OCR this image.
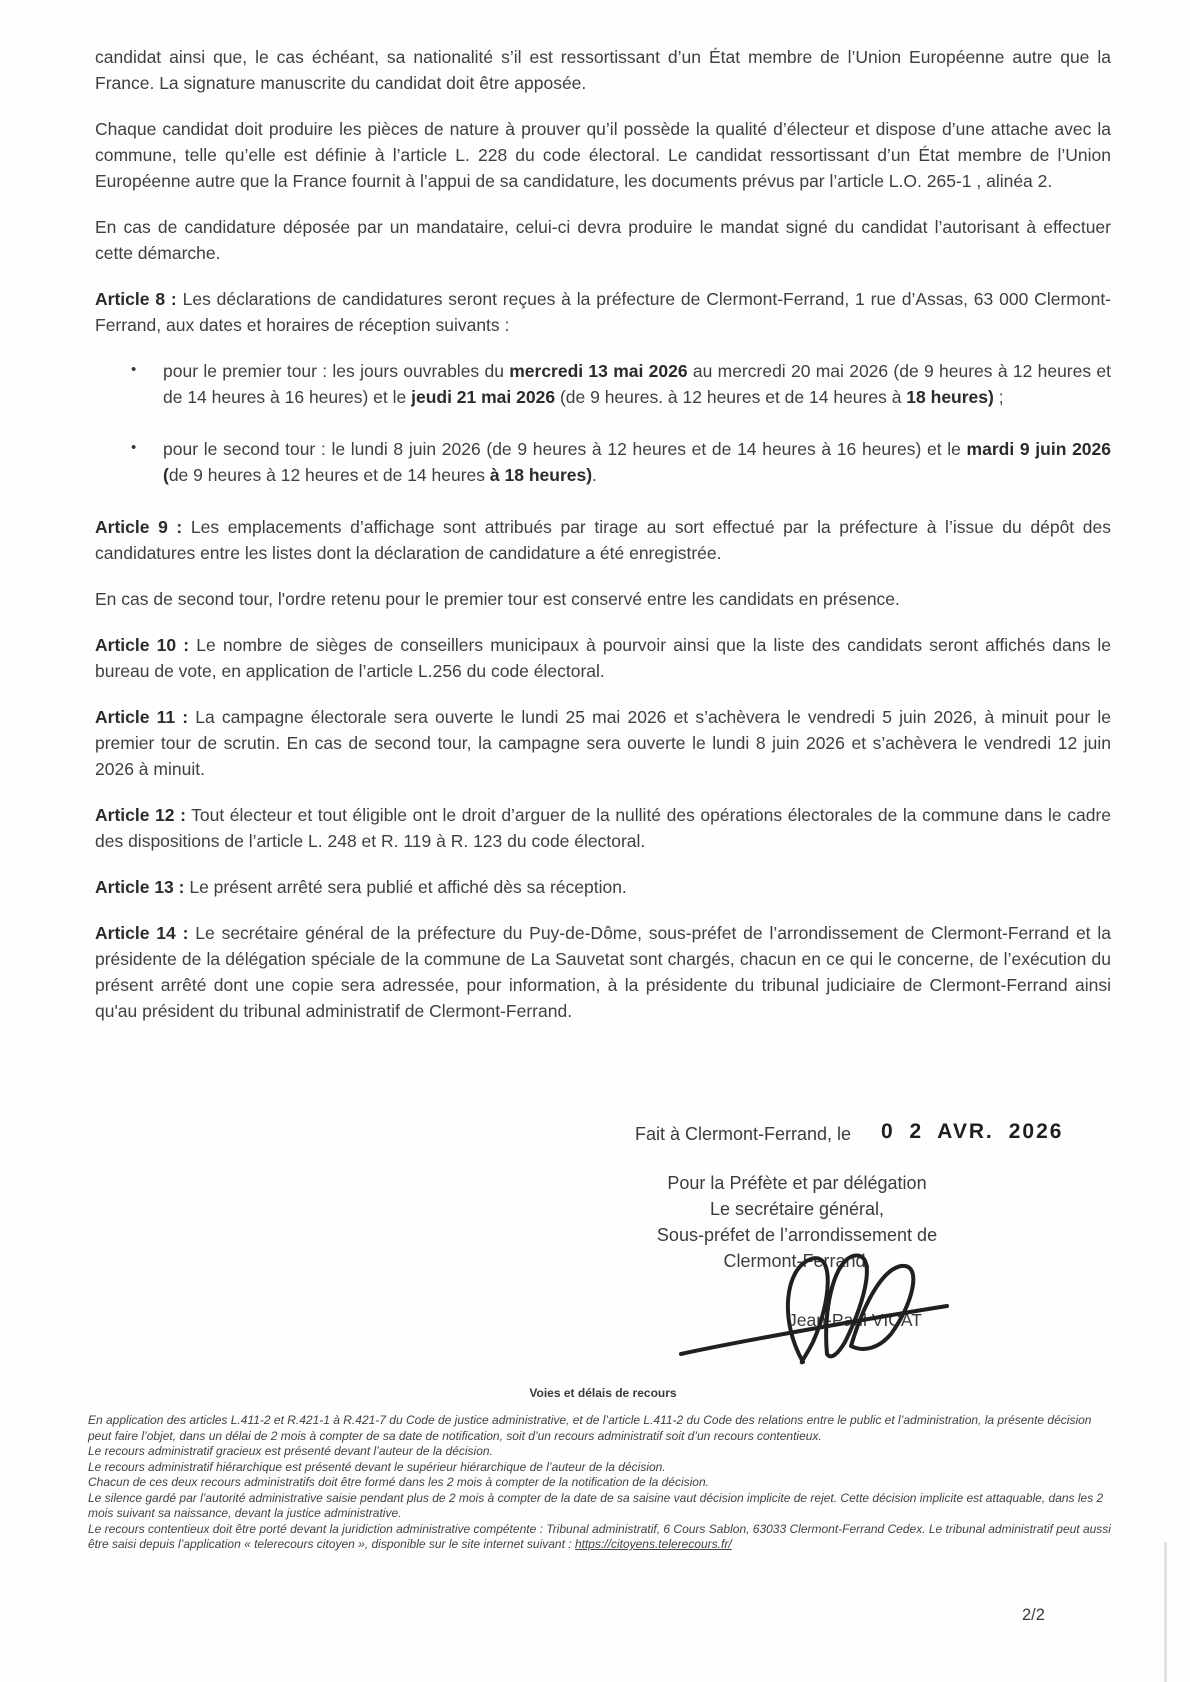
candidat ainsi que, le cas échéant, sa nationalité s’il est ressortissant d’un État membre de l’Union Européenne autre que la France. La signature manuscrite du candidat doit être apposée.

Chaque candidat doit produire les pièces de nature à prouver qu’il possède la qualité d’électeur et dispose d’une attache avec la commune, telle qu’elle est définie à l’article L. 228 du code électoral. Le candidat ressortissant d’un État membre de l’Union Européenne autre que la France fournit à l’appui de sa candidature, les documents prévus par l’article L.O. 265-1 , alinéa 2.

En cas de candidature déposée par un mandataire, celui-ci devra produire le mandat signé du candidat l’autorisant à effectuer cette démarche.

Article 8 : Les déclarations de candidatures seront reçues à la préfecture de Clermont-Ferrand, 1 rue d’Assas, 63 000 Clermont-Ferrand, aux dates et horaires de réception suivants :

• pour le premier tour : les jours ouvrables du mercredi 13 mai 2026 au mercredi 20 mai 2026 (de 9 heures à 12 heures et de 14 heures à 16 heures) et le jeudi 21 mai 2026 (de 9 heures. à 12 heures et de 14 heures à 18 heures) ;
• pour le second tour : le lundi 8 juin 2026 (de 9 heures à 12 heures et de 14 heures à 16 heures) et le mardi 9 juin 2026 (de 9 heures à 12 heures et de 14 heures à 18 heures).

Article 9 : Les emplacements d’affichage sont attribués par tirage au sort effectué par la préfecture à l’issue du dépôt des candidatures entre les listes dont la déclaration de candidature a été enregistrée.

En cas de second tour, l'ordre retenu pour le premier tour est conservé entre les candidats en présence.

Article 10 : Le nombre de sièges de conseillers municipaux à pourvoir ainsi que la liste des candidats seront affichés dans le bureau de vote, en application de l’article L.256 du code électoral.

Article 11 : La campagne électorale sera ouverte le lundi 25 mai 2026 et s’achèvera le vendredi 5 juin 2026, à minuit pour le premier tour de scrutin. En cas de second tour, la campagne sera ouverte le lundi 8 juin 2026 et s’achèvera le vendredi 12 juin 2026 à minuit.

Article 12 : Tout électeur et tout éligible ont le droit d’arguer de la nullité des opérations électorales de la commune dans le cadre des dispositions de l’article L. 248 et R. 119 à R. 123 du code électoral.

Article 13 : Le présent arrêté sera publié et affiché dès sa réception.

Article 14 : Le secrétaire général de la préfecture du Puy-de-Dôme, sous-préfet de l’arrondissement de Clermont-Ferrand et la présidente de la délégation spéciale de la commune de La Sauvetat sont chargés, chacun en ce qui le concerne, de l’exécution du présent arrêté dont une copie sera adressée, pour information, à la présidente du tribunal judiciaire de Clermont-Ferrand ainsi qu'au président du tribunal administratif de Clermont-Ferrand.

Fait à Clermont-Ferrand, le 0 2 AVR. 2026
Pour la Préfète et par délégation
Le secrétaire général,
Sous-préfet de l’arrondissement de
Clermont-Ferrand,
Jean-Paul VICAT
Voies et délais de recours

En application des articles L.411-2 et R.421-1 à R.421-7 du Code de justice administrative, et de l’article L.411-2 du Code des relations entre le public et l’administration, la présente décision peut faire l’objet, dans un délai de 2 mois à compter de sa date de notification, soit d’un recours administratif soit d’un recours contentieux.

Le recours administratif gracieux est présenté devant l’auteur de la décision.

Le recours administratif hiérarchique est présenté devant le supérieur hiérarchique de l’auteur de la décision.

Chacun de ces deux recours administratifs doit être formé dans les 2 mois à compter de la notification de la décision.

Le silence gardé par l’autorité administrative saisie pendant plus de 2 mois à compter de la date de sa saisine vaut décision implicite de rejet. Cette décision implicite est attaquable, dans les 2 mois suivant sa naissance, devant la justice administrative.

Le recours contentieux doit être porté devant la juridiction administrative compétente : Tribunal administratif, 6 Cours Sablon, 63033 Clermont-Ferrand Cedex. Le tribunal administratif peut aussi être saisi depuis l’application « telerecours citoyen », disponible sur le site internet suivant : https://citoyens.telerecours.fr/

2/2
